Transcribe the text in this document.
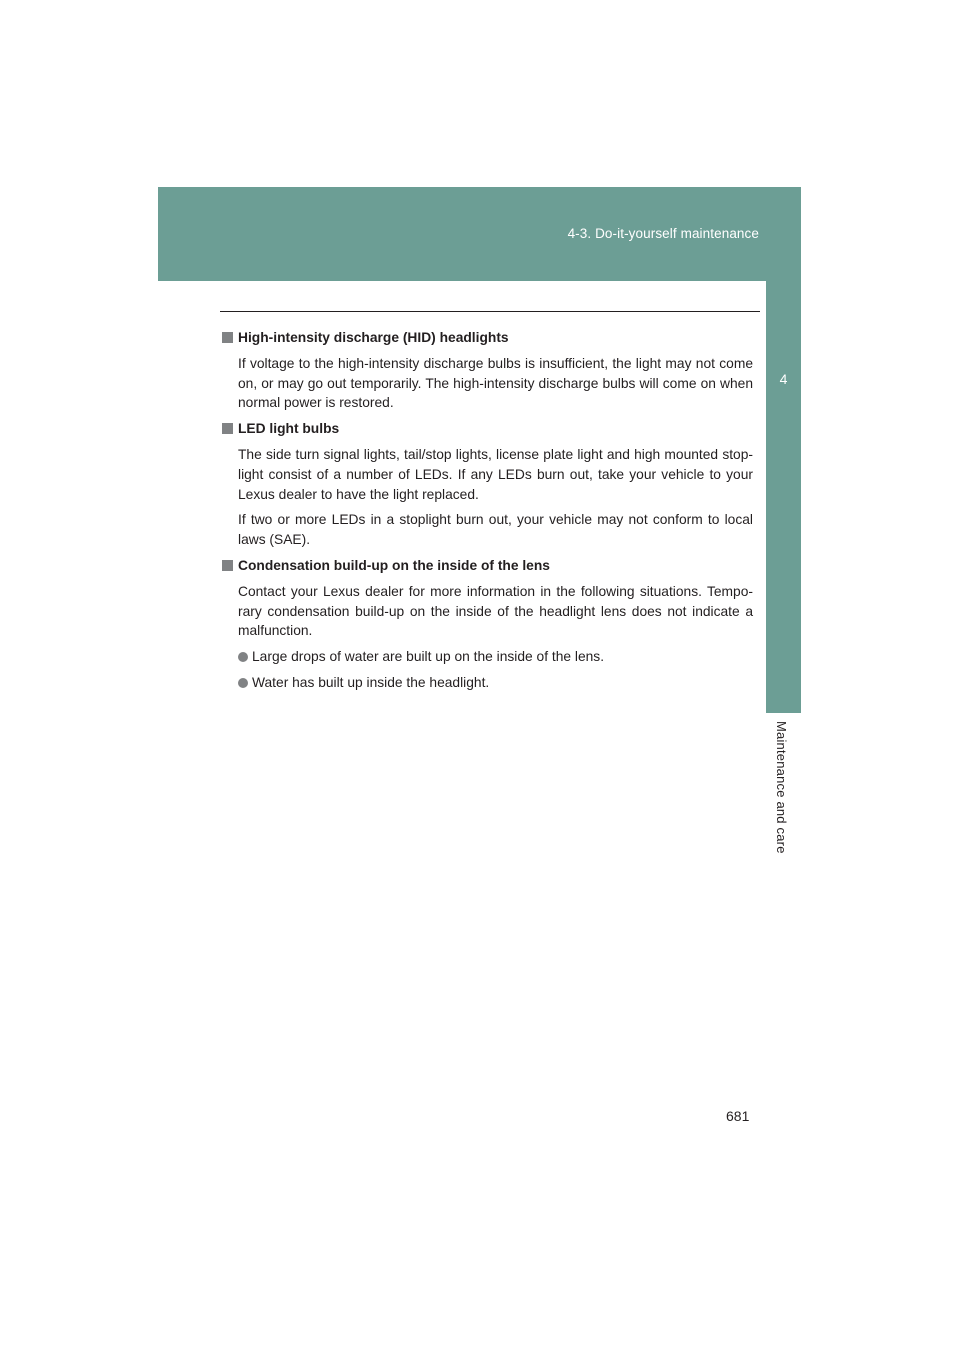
4-3. Do-it-yourself maintenance
4
Maintenance and care
High-intensity discharge (HID) headlights

If voltage to the high-intensity discharge bulbs is insufficient, the light may not come on, or may go out temporarily. The high-intensity discharge bulbs will come on when normal power is restored.

LED light bulbs

The side turn signal lights, tail/stop lights, license plate light and high mounted stop-light consist of a number of LEDs. If any LEDs burn out, take your vehicle to your Lexus dealer to have the light replaced.

If two or more LEDs in a stoplight burn out, your vehicle may not conform to local laws (SAE).

Condensation build-up on the inside of the lens

Contact your Lexus dealer for more information in the following situations. Tempo-rary condensation build-up on the inside of the headlight lens does not indicate a malfunction.

Large drops of water are built up on the inside of the lens.
Water has built up inside the headlight.
681
